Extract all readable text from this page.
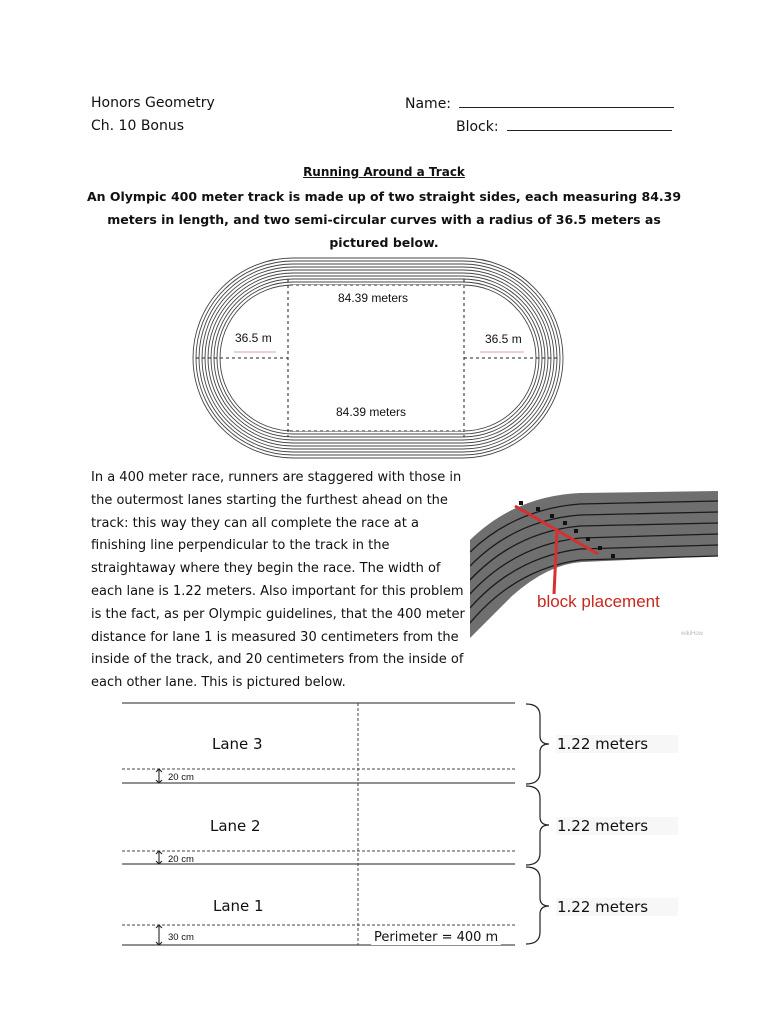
Honors Geometry
Ch. 10 Bonus
Name:
Block:
Running Around a Track
An Olympic 400 meter track is made up of two straight sides, each measuring 84.39 meters in length, and two semi-circular curves with a radius of 36.5 meters as pictured below.
84.39 meters
84.39 meters
36.5 m	36.5 m
In a 400 meter race, runners are staggered with those in the outermost lanes starting the furthest ahead on the track: this way they can all complete the race at a finishing line perpendicular to the track in the straightaway where they begin the race. The width of each lane is 1.22 meters. Also important for this problem is the fact, as per Olympic guidelines, that the 400 meter distance for lane 1 is measured 30 centimeters from the inside of the track, and 20 centimeters from the inside of each other lane. This is pictured below.
block placement
wikiHow
Lane 3
Lane 2
Lane 1
1.22 meters
1.22 meters
1.22 meters
20 cm
20 cm
30 cm	Perimeter = 400 m
